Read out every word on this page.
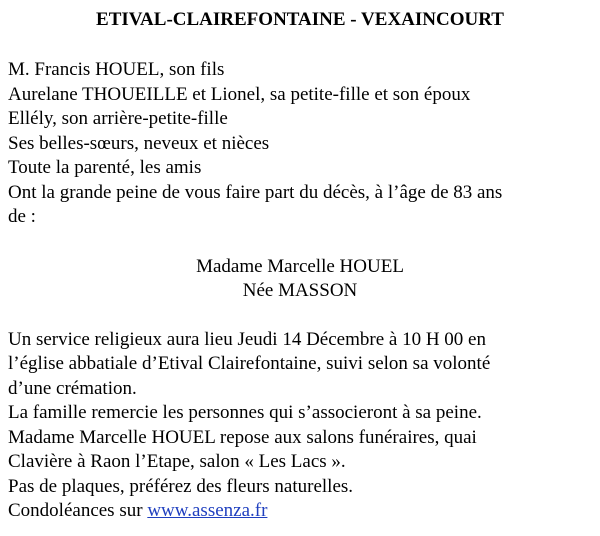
ETIVAL-CLAIREFONTAINE - VEXAINCOURT
M. Francis HOUEL, son fils
Aurelane THOUEILLE et Lionel, sa petite-fille et son époux
Ellély, son arrière-petite-fille
Ses belles-sœurs, neveux et nièces
Toute la parenté, les amis
Ont la grande peine de vous faire part du décès, à l’âge de 83 ans
de :
Madame Marcelle HOUEL
Née MASSON
Un service religieux aura lieu Jeudi 14 Décembre à 10 H 00 en
l’église abbatiale d’Etival Clairefontaine, suivi selon sa volonté
d’une crémation.
La famille remercie les personnes qui s’associeront à sa peine.
Madame Marcelle HOUEL repose aux salons funéraires, quai
Clavière à Raon l’Etape, salon « Les Lacs ».
Pas de plaques, préférez des fleurs naturelles.
Condoléances sur www.assenza.fr
